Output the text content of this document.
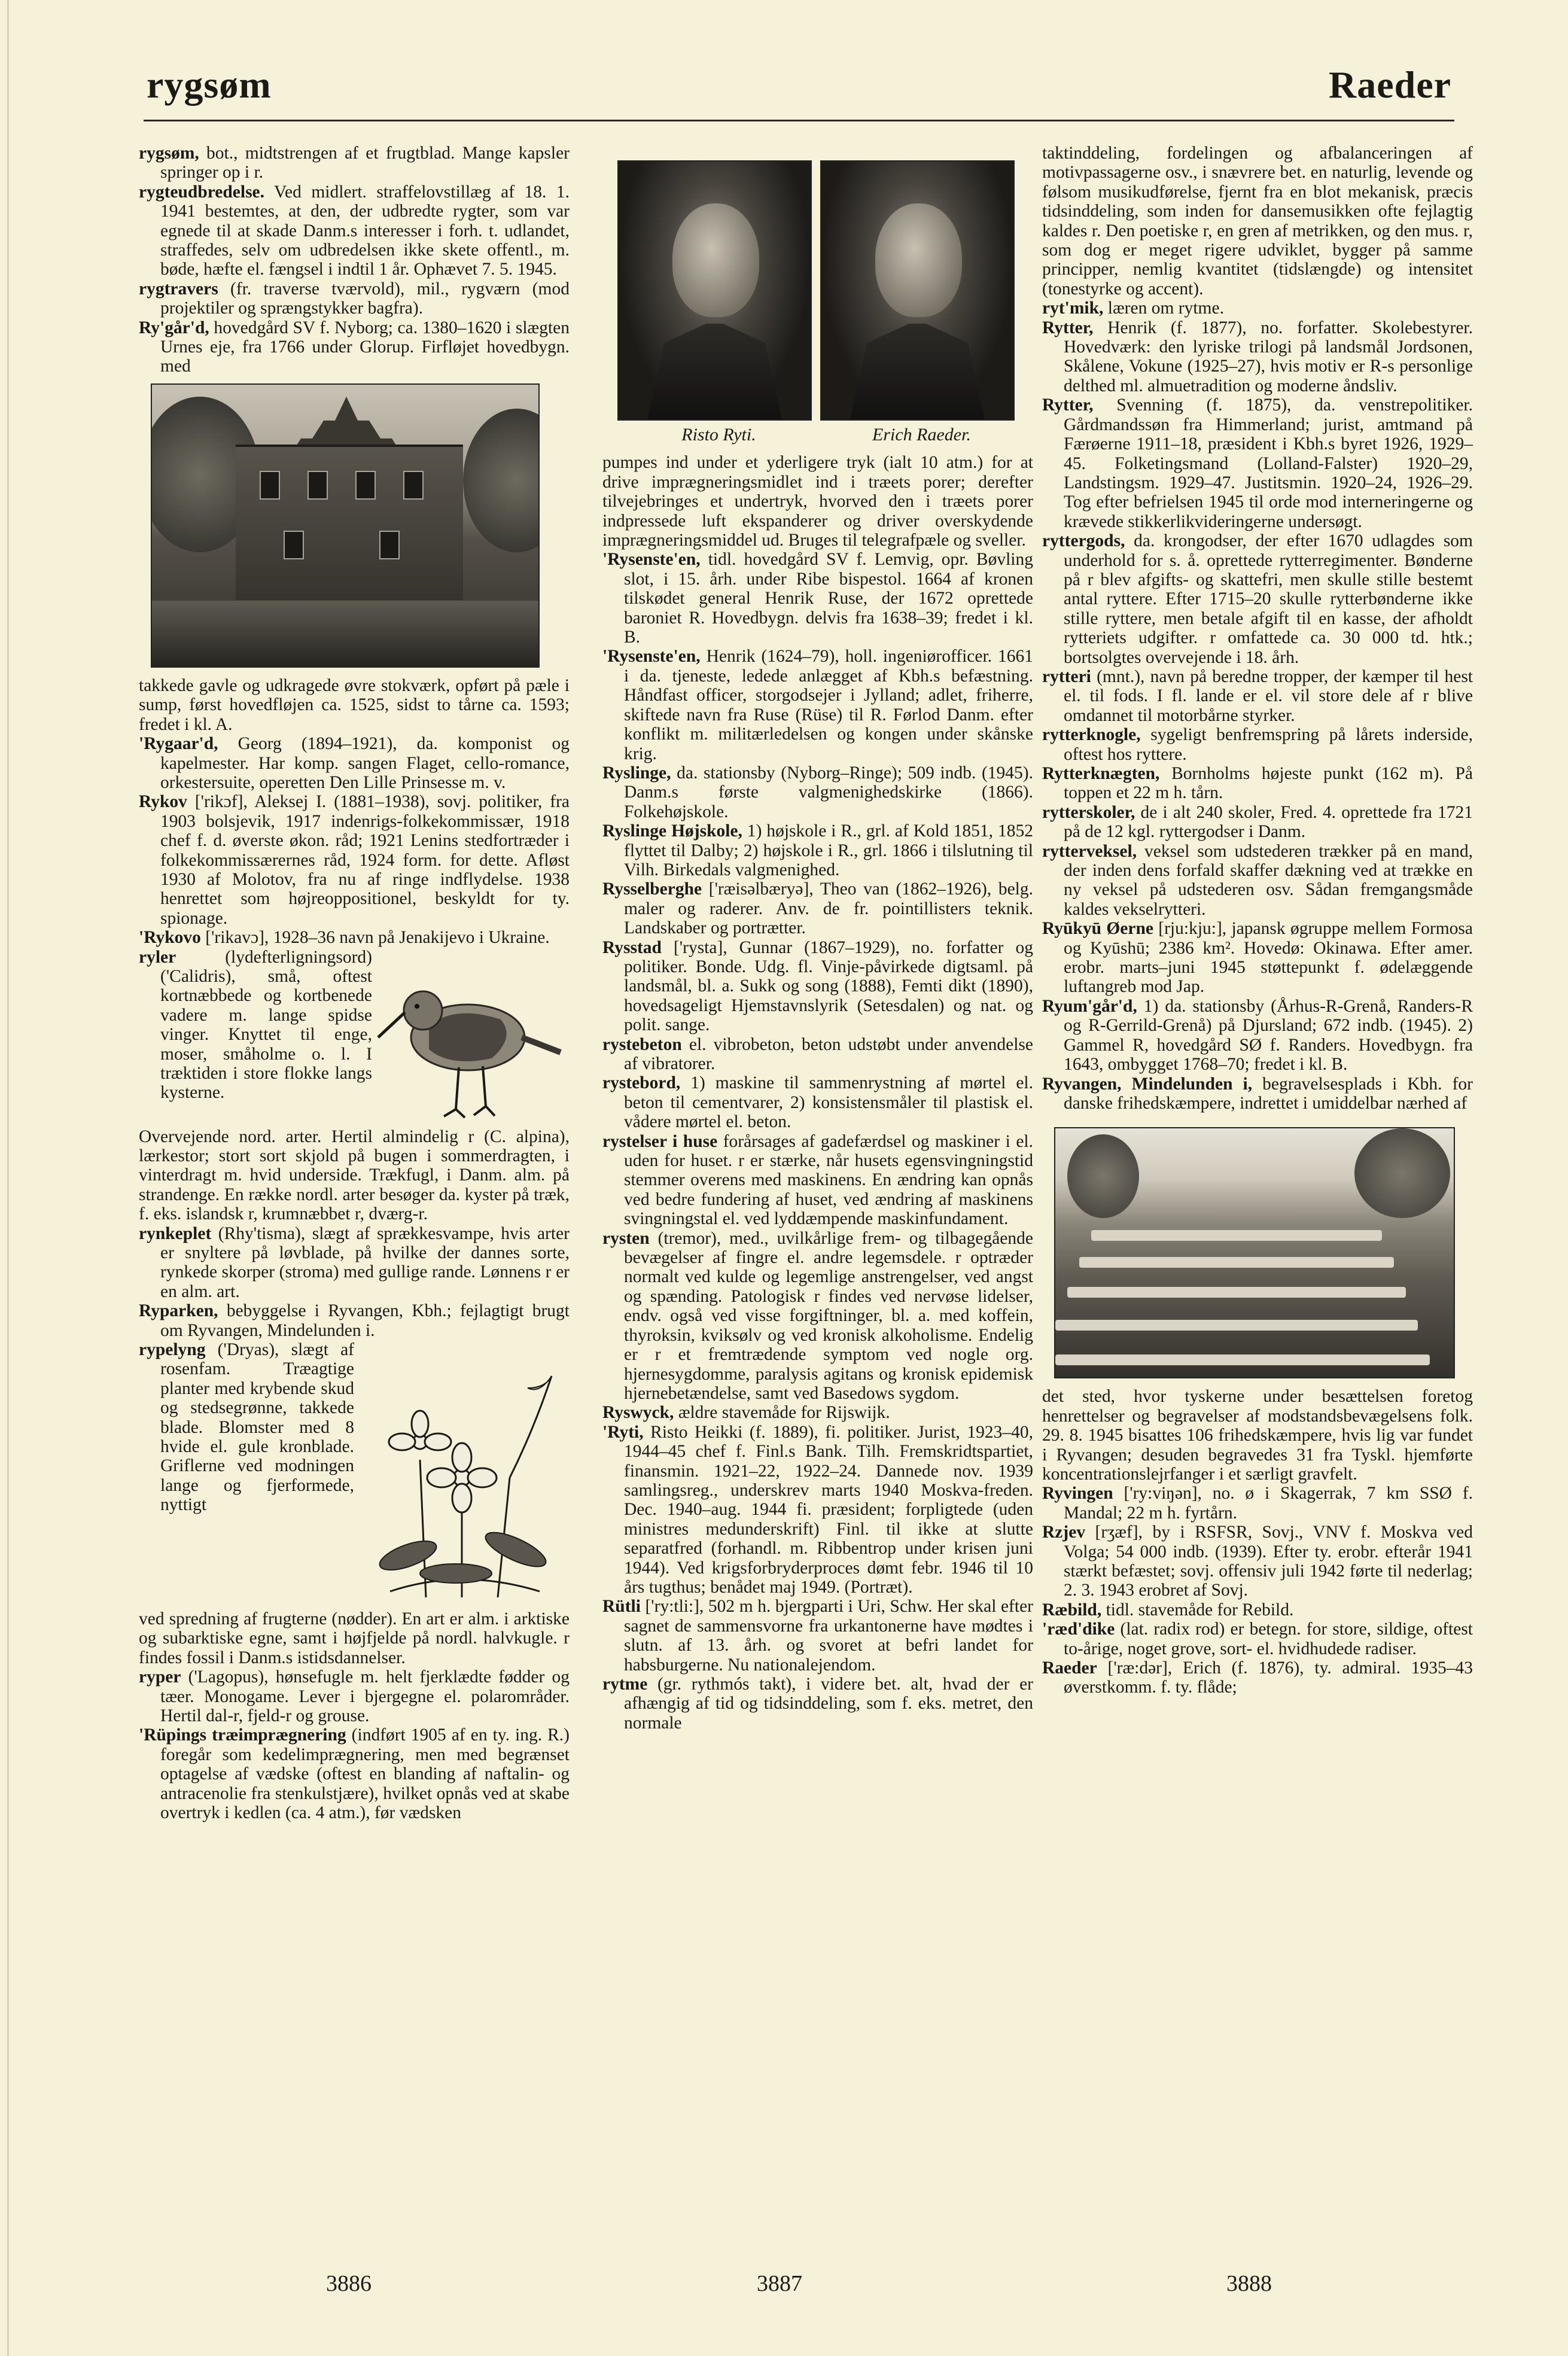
rygsøm	Raeder

rygsøm, bot., midtstrengen af et frugtblad. Mange kapsler springer op i r.

rygteudbredelse. Ved midlert. straffelovstillæg af 18. 1. 1941 bestemtes, at den, der udbredte rygter, som var egnede til at skade Danm.s interesser i forh. t. udlandet, straffedes, selv om udbredelsen ikke skete offentl., m. bøde, hæfte el. fængsel i indtil 1 år. Ophævet 7. 5. 1945.

rygtravers (fr. traverse tværvold), mil., rygværn (mod projektiler og sprængstykker bagfra).

Ry'går'd, hovedgård SV f. Nyborg; ca. 1380–1620 i slægten Urnes eje, fra 1766 under Glorup. Firfløjet hovedbygn. med

takkede gavle og udkragede øvre stokværk, opført på pæle i sump, først hovedfløjen ca. 1525, sidst to tårne ca. 1593; fredet i kl. A.

'Rygaar'd, Georg (1894–1921), da. komponist og kapelmester. Har komp. sangen Flaget, cello-romance, orkestersuite, operetten Den Lille Prinsesse m. v.

Rykov ['rikɔf], Aleksej I. (1881–1938), sovj. politiker, fra 1903 bolsjevik, 1917 indenrigs-folkekommissær, 1918 chef f. d. øverste økon. råd; 1921 Lenins stedfortræder i folkekommissærernes råd, 1924 form. for dette. Afløst 1930 af Molotov, fra nu af ringe indflydelse. 1938 henrettet som højreoppositionel, beskyldt for ty. spionage.

'Rykovo ['rikavɔ], 1928–36 navn på Jenakijevo i Ukraine.

ryler (lydefterligningsord) ('Calidris), små, oftest kortnæbbede og kortbenede vadere m. lange spidse vinger. Knyttet til enge, moser, småholme o. l. I træktiden i store flokke langs kysterne.

Overvejende nord. arter. Hertil almindelig r (C. alpina), lærkestor; stort sort skjold på bugen i sommerdragten, i vinterdragt m. hvid underside. Trækfugl, i Danm. alm. på strandenge. En række nordl. arter besøger da. kyster på træk, f. eks. islandsk r, krumnæbbet r, dværg-r.

rynkeplet (Rhy'tisma), slægt af sprækkesvampe, hvis arter er snyltere på løvblade, på hvilke der dannes sorte, rynkede skorper (stroma) med gullige rande. Lønnens r er en alm. art.

Ryparken, bebyggelse i Ryvangen, Kbh.; fejlagtigt brugt om Ryvangen, Mindelunden i.

rypelyng ('Dryas), slægt af rosenfam. Træagtige planter med krybende skud og stedsegrønne, takkede blade. Blomster med 8 hvide el. gule kronblade. Griflerne ved modningen lange og fjerformede, nyttigt

ved spredning af frugterne (nødder). En art er alm. i arktiske og subarktiske egne, samt i højfjelde på nordl. halvkugle. r findes fossil i Danm.s istidsdannelser.

ryper ('Lagopus), hønsefugle m. helt fjerklædte fødder og tæer. Monogame. Lever i bjergegne el. polarområder. Hertil dal-r, fjeld-r og grouse.

'Rüpings træimprægnering (indført 1905 af en ty. ing. R.) foregår som kedelimprægnering, men med begrænset optagelse af vædske (oftest en blanding af naftalin- og antracenolie fra stenkulstjære), hvilket opnås ved at skabe overtryk i kedlen (ca. 4 atm.), før vædsken

Risto Ryti.	Erich Raeder.

pumpes ind under et yderligere tryk (ialt 10 atm.) for at drive imprægneringsmidlet ind i træets porer; derefter tilvejebringes et undertryk, hvorved den i træets porer indpressede luft ekspanderer og driver overskydende imprægneringsmiddel ud. Bruges til telegrafpæle og sveller.

'Rysenste'en, tidl. hovedgård SV f. Lemvig, opr. Bøvling slot, i 15. årh. under Ribe bispestol. 1664 af kronen tilskødet general Henrik Ruse, der 1672 oprettede baroniet R. Hovedbygn. delvis fra 1638–39; fredet i kl. B.

'Rysenste'en, Henrik (1624–79), holl. ingeniørofficer. 1661 i da. tjeneste, ledede anlægget af Kbh.s befæstning. Håndfast officer, storgodsejer i Jylland; adlet, friherre, skiftede navn fra Ruse (Rüse) til R. Førlod Danm. efter konflikt m. militærledelsen og kongen under skånske krig.

Ryslinge, da. stationsby (Nyborg–Ringe); 509 indb. (1945). Danm.s første valgmenighedskirke (1866). Folkehøjskole.

Ryslinge Højskole, 1) højskole i R., grl. af Kold 1851, 1852 flyttet til Dalby; 2) højskole i R., grl. 1866 i tilslutning til Vilh. Birkedals valgmenighed.

Rysselberghe ['ræisəlbæryə], Theo van (1862–1926), belg. maler og raderer. Anv. de fr. pointillisters teknik. Landskaber og portrætter.

Rysstad ['rysta], Gunnar (1867–1929), no. forfatter og politiker. Bonde. Udg. fl. Vinje-påvirkede digtsaml. på landsmål, bl. a. Sukk og song (1888), Femti dikt (1890), hovedsageligt Hjemstavnslyrik (Setesdalen) og nat. og polit. sange.

rystebeton el. vibrobeton, beton udstøbt under anvendelse af vibratorer.

rystebord, 1) maskine til sammenrystning af mørtel el. beton til cementvarer, 2) konsistensmåler til plastisk el. vådere mørtel el. beton.

rystelser i huse forårsages af gadefærdsel og maskiner i el. uden for huset. r er stærke, når husets egensvingningstid stemmer overens med maskinens. En ændring kan opnås ved bedre fundering af huset, ved ændring af maskinens svingningstal el. ved lyddæmpende maskinfundament.

rysten (tremor), med., uvilkårlige frem- og tilbagegående bevægelser af fingre el. andre legemsdele. r optræder normalt ved kulde og legemlige anstrengelser, ved angst og spænding. Patologisk r findes ved nervøse lidelser, endv. også ved visse forgiftninger, bl. a. med koffein, thyroksin, kviksølv og ved kronisk alkoholisme. Endelig er r et fremtrædende symptom ved nogle org. hjernesygdomme, paralysis agitans og kronisk epidemisk hjernebetændelse, samt ved Basedows sygdom.

Ryswyck, ældre stavemåde for Rijswijk.

'Ryti, Risto Heikki (f. 1889), fi. politiker. Jurist, 1923–40, 1944–45 chef f. Finl.s Bank. Tilh. Fremskridtspartiet, finansmin. 1921–22, 1922–24. Dannede nov. 1939 samlingsreg., underskrev marts 1940 Moskva-freden. Dec. 1940–aug. 1944 fi. præsident; forpligtede (uden ministres medunderskrift) Finl. til ikke at slutte separatfred (forhandl. m. Ribbentrop under krisen juni 1944). Ved krigsforbryderproces dømt febr. 1946 til 10 års tugthus; benådet maj 1949. (Portræt).

Rütli ['ry:tli:], 502 m h. bjergparti i Uri, Schw. Her skal efter sagnet de sammensvorne fra urkantonerne have mødtes i slutn. af 13. årh. og svoret at befri landet for habsburgerne. Nu nationalejendom.

rytme (gr. rythmós takt), i videre bet. alt, hvad der er afhængig af tid og tidsinddeling, som f. eks. metret, den normale

taktinddeling, fordelingen og afbalanceringen af motivpassagerne osv., i snævrere bet. en naturlig, levende og følsom musikudførelse, fjernt fra en blot mekanisk, præcis tidsinddeling, som inden for dansemusikken ofte fejlagtig kaldes r. Den poetiske r, en gren af metrikken, og den mus. r, som dog er meget rigere udviklet, bygger på samme principper, nemlig kvantitet (tidslængde) og intensitet (tonestyrke og accent).

ryt'mik, læren om rytme.

Rytter, Henrik (f. 1877), no. forfatter. Skolebestyrer. Hovedværk: den lyriske trilogi på landsmål Jordsonen, Skålene, Vokune (1925–27), hvis motiv er R-s personlige delthed ml. almuetradition og moderne åndsliv.

Rytter, Svenning (f. 1875), da. venstrepolitiker. Gårdmandssøn fra Himmerland; jurist, amtmand på Færøerne 1911–18, præsident i Kbh.s byret 1926, 1929–45. Folketingsmand (Lolland-Falster) 1920–29, Landstingsm. 1929–47. Justitsmin. 1920–24, 1926–29. Tog efter befrielsen 1945 til orde mod interneringerne og krævede stikkerlikvideringerne undersøgt.

ryttergods, da. krongodser, der efter 1670 udlagdes som underhold for s. å. oprettede rytterregimenter. Bønderne på r blev afgifts- og skattefri, men skulle stille bestemt antal ryttere. Efter 1715–20 skulle rytterbønderne ikke stille ryttere, men betale afgift til en kasse, der afholdt rytteriets udgifter. r omfattede ca. 30 000 td. htk.; bortsolgtes overvejende i 18. årh.

rytteri (mnt.), navn på beredne tropper, der kæmper til hest el. til fods. I fl. lande er el. vil store dele af r blive omdannet til motorbårne styrker.

rytterknogle, sygeligt benfremspring på lårets inderside, oftest hos ryttere.

Rytterknægten, Bornholms højeste punkt (162 m). På toppen et 22 m h. tårn.

rytterskoler, de i alt 240 skoler, Fred. 4. oprettede fra 1721 på de 12 kgl. ryttergodser i Danm.

rytterveksel, veksel som udstederen trækker på en mand, der inden dens forfald skaffer dækning ved at trække en ny veksel på udstederen osv. Sådan fremgangsmåde kaldes vekselrytteri.

Ryūkyū Øerne [rju:kju:], japansk øgruppe mellem Formosa og Kyūshū; 2386 km². Hovedø: Okinawa. Efter amer. erobr. marts–juni 1945 støttepunkt f. ødelæggende luftangreb mod Jap.

Ryum'går'd, 1) da. stationsby (Århus-R-Grenå, Randers-R og R-Gerrild-Grenå) på Djursland; 672 indb. (1945). 2) Gammel R, hovedgård SØ f. Randers. Hovedbygn. fra 1643, ombygget 1768–70; fredet i kl. B.

Ryvangen, Mindelunden i, begravelsesplads i Kbh. for danske frihedskæmpere, indrettet i umiddelbar nærhed af

det sted, hvor tyskerne under besættelsen foretog henrettelser og begravelser af modstandsbevægelsens folk. 29. 8. 1945 bisattes 106 frihedskæmpere, hvis lig var fundet i Ryvangen; desuden begravedes 31 fra Tyskl. hjemførte koncentrationslejrfanger i et særligt gravfelt.

Ryvingen ['ry:viŋən], no. ø i Skagerrak, 7 km SSØ f. Mandal; 22 m h. fyrtårn.

Rzjev [rʒæf], by i RSFSR, Sovj., VNV f. Moskva ved Volga; 54 000 indb. (1939). Efter ty. erobr. efterår 1941 stærkt befæstet; sovj. offensiv juli 1942 førte til nederlag; 2. 3. 1943 erobret af Sovj.

Ræbild, tidl. stavemåde for Rebild.

'ræd'dike (lat. radix rod) er betegn. for store, sildige, oftest to-årige, noget grove, sort- el. hvidhudede radiser.

Raeder ['ræ:dər], Erich (f. 1876), ty. admiral. 1935–43 øverstkomm. f. ty. flåde;

3886	3887	3888
